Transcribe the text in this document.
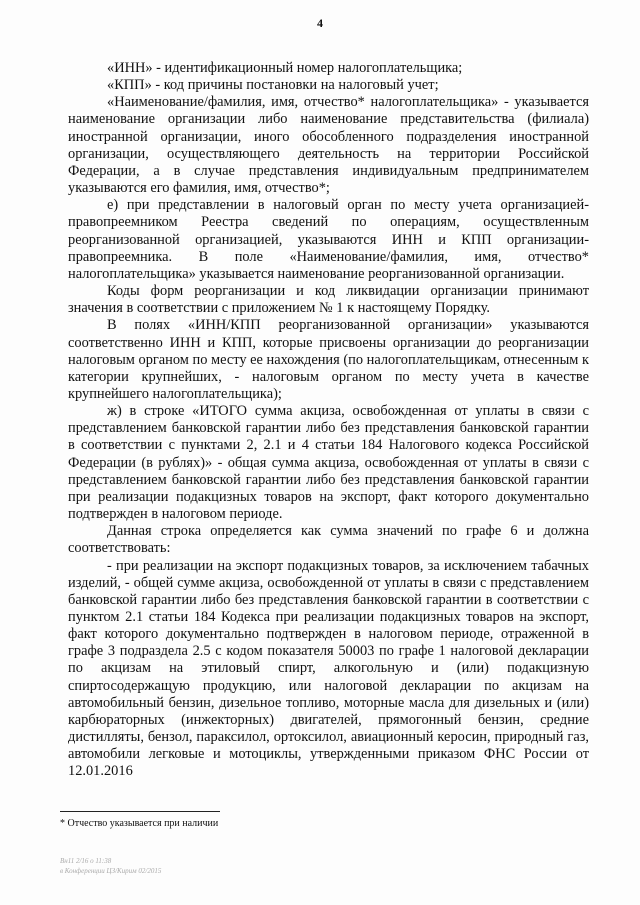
4

«ИНН» - идентификационный номер налогоплательщика;

«КПП» - код причины постановки на налоговый учет;

«Наименование/фамилия, имя, отчество* налогоплательщика» - указывается наименование организации либо наименование представительства (филиала) иностранной организации, иного обособленного подразделения иностранной организации, осуществляющего деятельность на территории Российской Федерации, а в случае представления индивидуальным предпринимателем указываются его фамилия, имя, отчество*;

е) при представлении в налоговый орган по месту учета организацией-правопреемником Реестра сведений по операциям, осуществленным реорганизованной организацией, указываются ИНН и КПП организации-правопреемника. В поле «Наименование/фамилия, имя, отчество* налогоплательщика» указывается наименование реорганизованной организации.

Коды форм реорганизации и код ликвидации организации принимают значения в соответствии с приложением № 1 к настоящему Порядку.

В полях «ИНН/КПП реорганизованной организации» указываются соответственно ИНН и КПП, которые присвоены организации до реорганизации налоговым органом по месту ее нахождения (по налогоплательщикам, отнесенным к категории крупнейших, - налоговым органом по месту учета в качестве крупнейшего налогоплательщика);

ж) в строке «ИТОГО сумма акциза, освобожденная от уплаты в связи с представлением банковской гарантии либо без представления банковской гарантии в соответствии с пунктами 2, 2.1 и 4 статьи 184 Налогового кодекса Российской Федерации (в рублях)» - общая сумма акциза, освобожденная от уплаты в связи с представлением банковской гарантии либо без представления банковской гарантии при реализации подакцизных товаров на экспорт, факт которого документально подтвержден в налоговом периоде.

Данная строка определяется как сумма значений по графе 6 и должна соответствовать:

- при реализации на экспорт подакцизных товаров, за исключением табачных изделий, - общей сумме акциза, освобожденной от уплаты в связи с представлением банковской гарантии либо без представления банковской гарантии в соответствии с пунктом 2.1 статьи 184 Кодекса при реализации подакцизных товаров на экспорт, факт которого документально подтвержден в налоговом периоде, отраженной в графе 3 подраздела 2.5 с кодом показателя 50003 по графе 1 налоговой декларации по акцизам на этиловый спирт, алкогольную и (или) подакцизную спиртосодержащую продукцию, или налоговой декларации по акцизам на автомобильный бензин, дизельное топливо, моторные масла для дизельных и (или) карбюраторных (инжекторных) двигателей, прямогонный бензин, средние дистилляты, бензол, параксилол, ортоксилол, авиационный керосин, природный газ, автомобили легковые и мотоциклы, утвержденными приказом ФНС России от 12.01.2016

* Отчество указывается при наличии
Вн11 2/16 о 11:38
в Конференции ЦЗ/Кирим 02/2015
